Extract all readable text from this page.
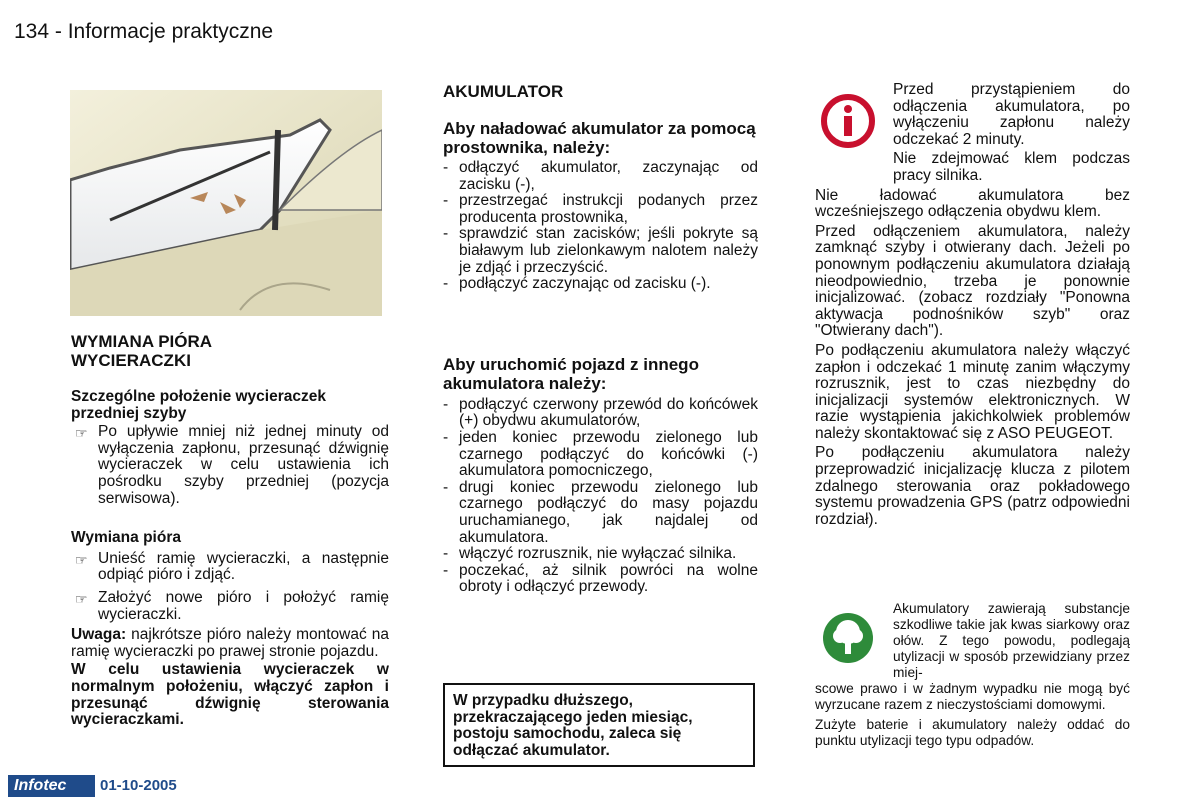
134 - Informacje praktyczne
WYMIANA PIÓRA WYCIERACZKI
Szczególne położenie wycieraczek przedniej szyby
☞ Po upływie mniej niż jednej minuty od wyłączenia zapłonu, przesunąć dźwignię wycieraczek w celu ustawienia ich pośrodku szyby przedniej (pozycja serwisowa).
Wymiana pióra
☞ Unieść ramię wycieraczki, a następnie odpiąć pióro i zdjąć.
☞ Założyć nowe pióro i położyć ramię wycieraczki.

Uwaga: najkrótsze pióro należy montować na ramię wycieraczki po prawej stronie pojazdu.

W celu ustawienia wycieraczek w normalnym położeniu, włączyć zapłon i przesunąć dźwignię sterowania wycieraczkami.

AKUMULATOR
Aby naładować akumulator za pomocą prostownika, należy:
- odłączyć akumulator, zaczynając od zacisku (-),
- przestrzegać instrukcji podanych przez producenta prostownika,
- sprawdzić stan zacisków; jeśli pokryte są białawym lub zielonkawym nalotem należy je zdjąć i przeczyścić.
- podłączyć zaczynając od zacisku (-).
Aby uruchomić pojazd z innego akumulatora należy:
- podłączyć czerwony przewód do końcówek (+) obydwu akumulatorów,
- jeden koniec przewodu zielonego lub czarnego podłączyć do końcówki (-) akumulatora pomocniczego,
- drugi koniec przewodu zielonego lub czarnego podłączyć do masy pojazdu uruchamianego, jak najdalej od akumulatora.
- włączyć rozrusznik, nie wyłączać silnika.
- poczekać, aż silnik powróci na wolne obroty i odłączyć przewody.
W przypadku dłuższego, przekraczającego jeden miesiąc, postoju samochodu, zaleca się odłączać akumulator.

Przed przystąpieniem do odłączenia akumulatora, po wyłączeniu zapłonu należy odczekać 2 minuty.

Nie zdejmować klem podczas pracy silnika.

Nie ładować akumulatora bez wcześniejszego odłączenia obydwu klem.

Przed odłączeniem akumulatora, należy zamknąć szyby i otwierany dach. Jeżeli po ponownym podłączeniu akumulatora działają nieodpowiednio, trzeba je ponownie inicjalizować. (zobacz rozdziały "Ponowna aktywacja podnośników szyb" oraz "Otwierany dach").

Po podłączeniu akumulatora należy włączyć zapłon i odczekać 1 minutę zanim włączymy rozrusznik, jest to czas niezbędny do inicjalizacji systemów elektronicznych. W razie wystąpienia jakichkolwiek problemów należy skontaktować się z ASO PEUGEOT.

Po podłączeniu akumulatora należy przeprowadzić inicjalizację klucza z pilotem zdalnego sterowania oraz pokładowego systemu prowadzenia GPS (patrz odpowiedni rozdział).

Akumulatory zawierają substancje szkodliwe takie jak kwas siarkowy oraz ołów. Z tego powodu, podlegają utylizacji w sposób przewidziany przez miej-

scowe prawo i w żadnym wypadku nie mogą być wyrzucane razem z nieczystościami domowymi.

Zużyte baterie i akumulatory należy oddać do punktu utylizacji tego typu odpadów.

Infotec	01-10-2005
